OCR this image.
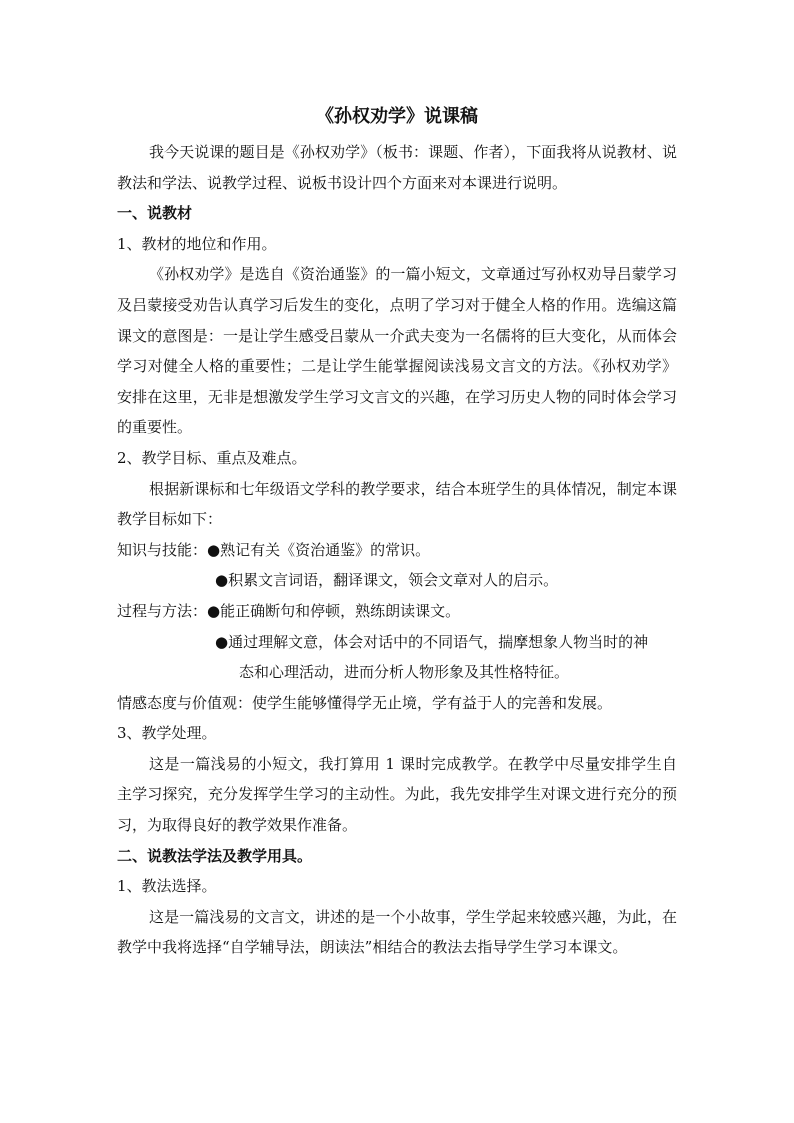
《孙权劝学》说课稿

我今天说课的题目是《孙权劝学》（板书：课题、作者），下面我将从说教材、说教法和学法、说教学过程、说板书设计四个方面来对本课进行说明。

一、说教材

1、教材的地位和作用。

《孙权劝学》是选自《资治通鉴》的一篇小短文，文章通过写孙权劝导吕蒙学习及吕蒙接受劝告认真学习后发生的变化，点明了学习对于健全人格的作用。选编这篇课文的意图是：一是让学生感受吕蒙从一介武夫变为一名儒将的巨大变化，从而体会学习对健全人格的重要性；二是让学生能掌握阅读浅易文言文的方法。《孙权劝学》安排在这里，无非是想激发学生学习文言文的兴趣，在学习历史人物的同时体会学习的重要性。

2、教学目标、重点及难点。

根据新课标和七年级语文学科的教学要求，结合本班学生的具体情况，制定本课教学目标如下：

知识与技能： ●熟记有关《资治通鉴》的常识。
●积累文言词语，翻译课文，领会文章对人的启示。
过程与方法： ●能正确断句和停顿，熟练朗读课文。
●通过理解文意，体会对话中的不同语气，揣摩想象人物当时的神
态和心理活动，进而分析人物形象及其性格特征。

情感态度与价值观：使学生能够懂得学无止境，学有益于人的完善和发展。

3、教学处理。

这是一篇浅易的小短文，我打算用 1 课时完成教学。在教学中尽量安排学生自主学习探究，充分发挥学生学习的主动性。为此，我先安排学生对课文进行充分的预习，为取得良好的教学效果作准备。

二、说教法学法及教学用具。

1、教法选择。

这是一篇浅易的文言文，讲述的是一个小故事，学生学起来较感兴趣，为此，在教学中我将选择“自学辅导法，朗读法”相结合的教法去指导学生学习本课文。
